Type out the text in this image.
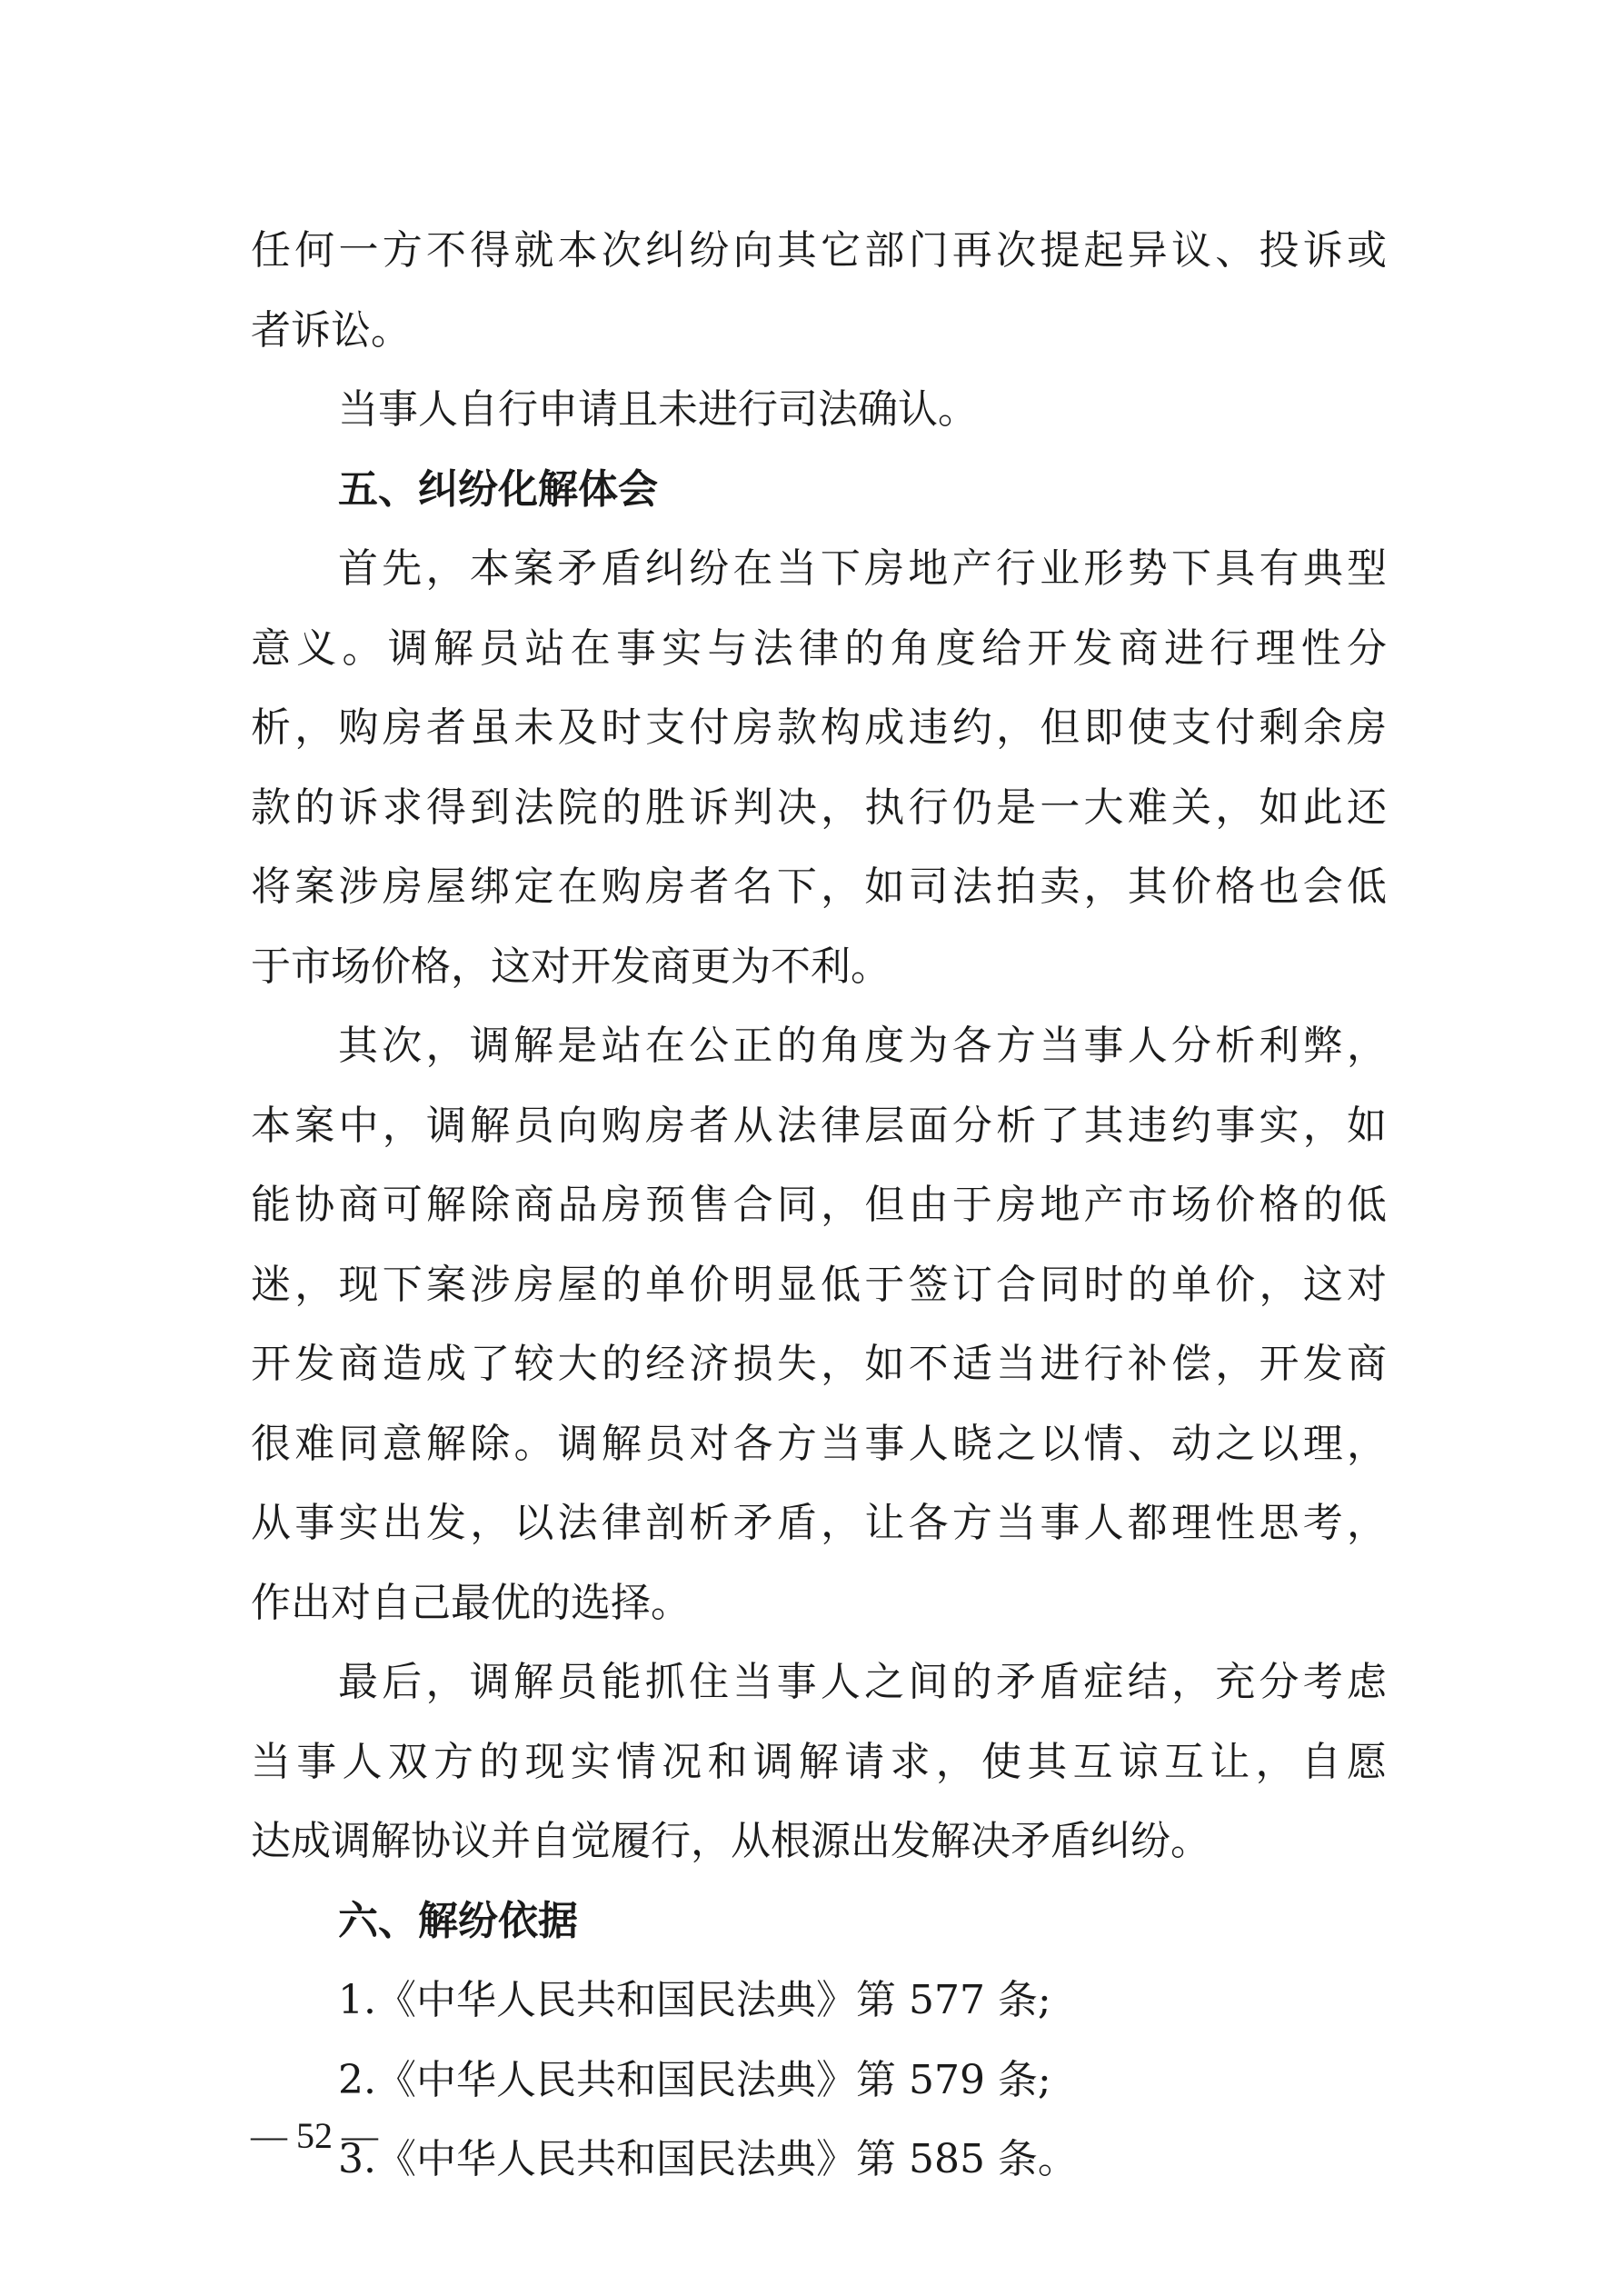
任何一方不得就本次纠纷向其它部门再次提起异议、投诉或
者诉讼。
当事人自行申请且未进行司法确认。
五、纠纷化解体会
首先，本案矛盾纠纷在当下房地产行业形势下具有典型
意义。调解员站在事实与法律的角度给开发商进行理性分
析，购房者虽未及时支付房款构成违约，但即使支付剩余房
款的诉求得到法院的胜诉判决，执行仍是一大难关，如此还
将案涉房屋绑定在购房者名下，如司法拍卖，其价格也会低
于市场价格，这对开发商更为不利。
其次，调解是站在公正的角度为各方当事人分析利弊，
本案中，调解员向购房者从法律层面分析了其违约事实，如
能协商可解除商品房预售合同，但由于房地产市场价格的低
迷，现下案涉房屋的单价明显低于签订合同时的单价，这对
开发商造成了较大的经济损失，如不适当进行补偿，开发商
很难同意解除。调解员对各方当事人晓之以情、动之以理，
从事实出发，以法律剖析矛盾，让各方当事人都理性思考，
作出对自己最优的选择。
最后，调解员能抓住当事人之间的矛盾症结，充分考虑
当事人双方的现实情况和调解请求，使其互谅互让，自愿
达成调解协议并自觉履行，从根源出发解决矛盾纠纷。
六、解纷依据
1.《中华人民共和国民法典》第 577 条;
2.《中华人民共和国民法典》第 579 条;
3.《中华人民共和国民法典》第 585 条。
— 52 —
